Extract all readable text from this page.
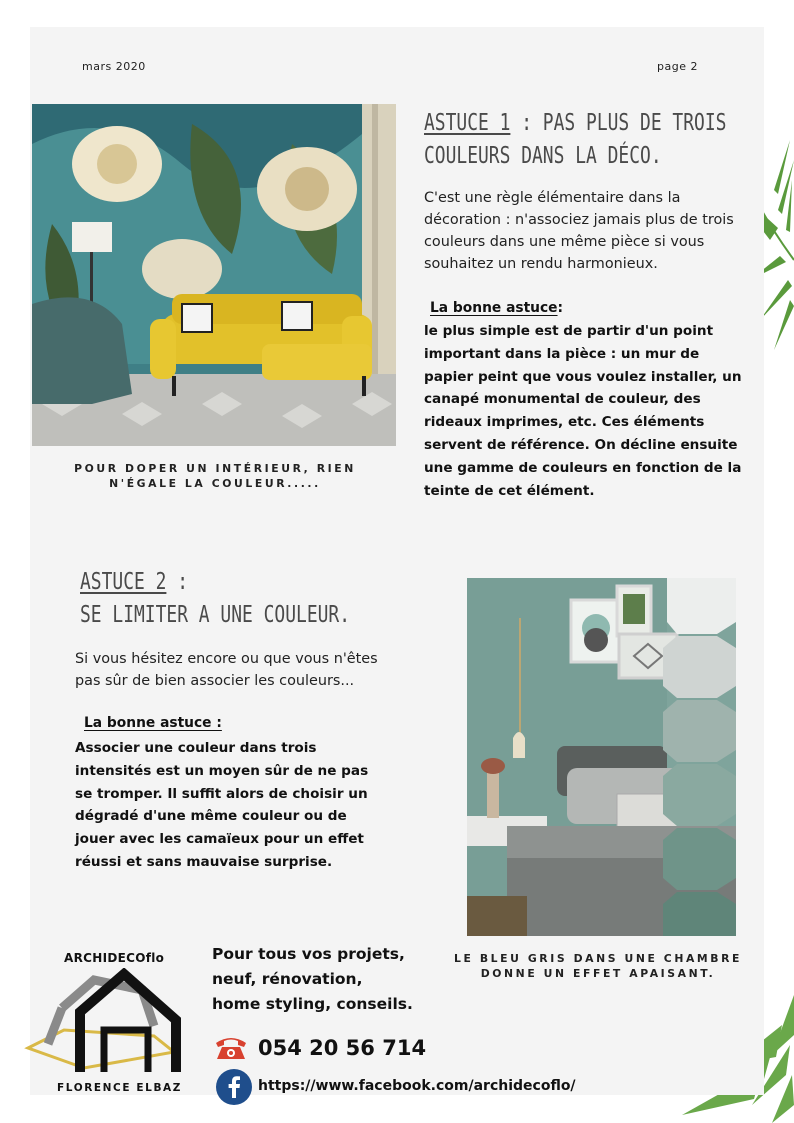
mars 2020	page 2
POUR DOPER UN INTÉRIEUR, RIEN N'ÉGALE LA COULEUR.....
ASTUCE 1 : PAS PLUS DE TROIS
COULEURS DANS LA DÉCO.
C'est une règle élémentaire dans la décoration : n'associez jamais plus de trois couleurs dans une même pièce si vous souhaitez un rendu harmonieux.
La bonne astuce:
le plus simple est de partir d'un point important dans la pièce : un mur de papier peint que vous voulez installer, un canapé monumental de couleur, des rideaux imprimes, etc. Ces éléments servent de référence. On décline ensuite une gamme de couleurs en fonction de la teinte de cet élément.
ASTUCE 2 :
SE LIMITER A UNE COULEUR.
Si vous hésitez encore ou que vous n'êtes pas sûr de bien associer les couleurs...
La bonne astuce :
Associer une couleur dans trois intensités est un moyen sûr de ne pas se tromper. Il suffit alors de choisir un dégradé d'une même couleur ou de jouer avec les camaïeux pour un effet réussi et sans mauvaise surprise.
LE BLEU GRIS DANS UNE CHAMBRE DONNE UN EFFET APAISANT.
ARCHIDECOflo
FLORENCE ELBAZ
Pour tous vos projets,
neuf, rénovation,
home styling, conseils.
054 20 56 714
https://www.facebook.com/archidecoflo/
